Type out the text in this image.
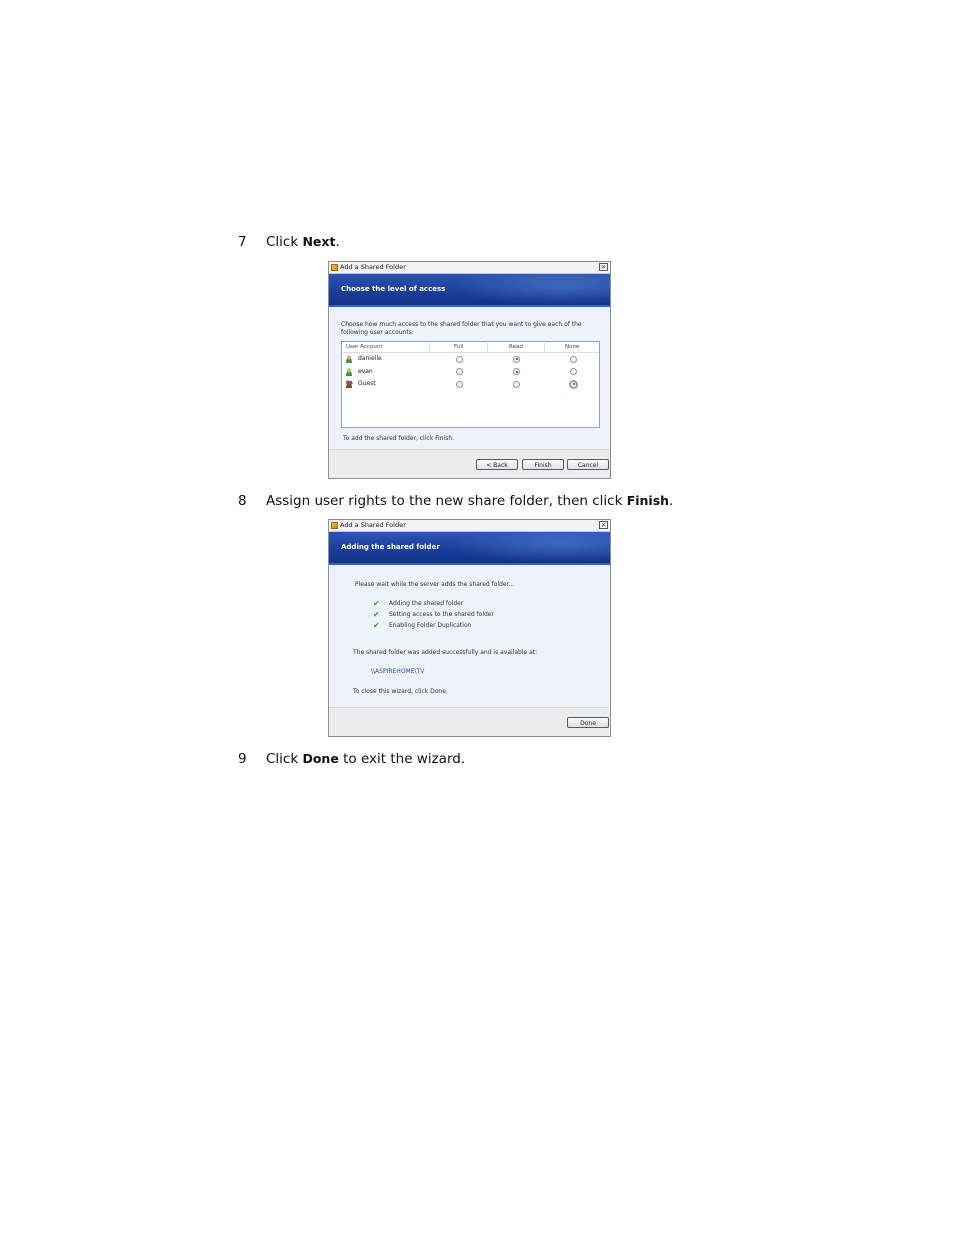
7 Click Next.
Add a Shared Folder	×
Choose the level of access
Choose how much access to the shared folder that you want to give each of the following user accounts:
User Account	Full	Read	None
danielle
evan
Guest
To add the shared folder, click Finish.
< Back	Finish	Cancel
8 Assign user rights to the new share folder, then click Finish.
Add a Shared Folder	×
Adding the shared folder
Please wait while the server adds the shared folder...
✔	Adding the shared folder
✔	Setting access to the shared folder
✔	Enabling Folder Duplication
The shared folder was added successfully and is available at:
\\ASPIREHOME\TV
To close this wizard, click Done.
Done
9 Click Done to exit the wizard.
